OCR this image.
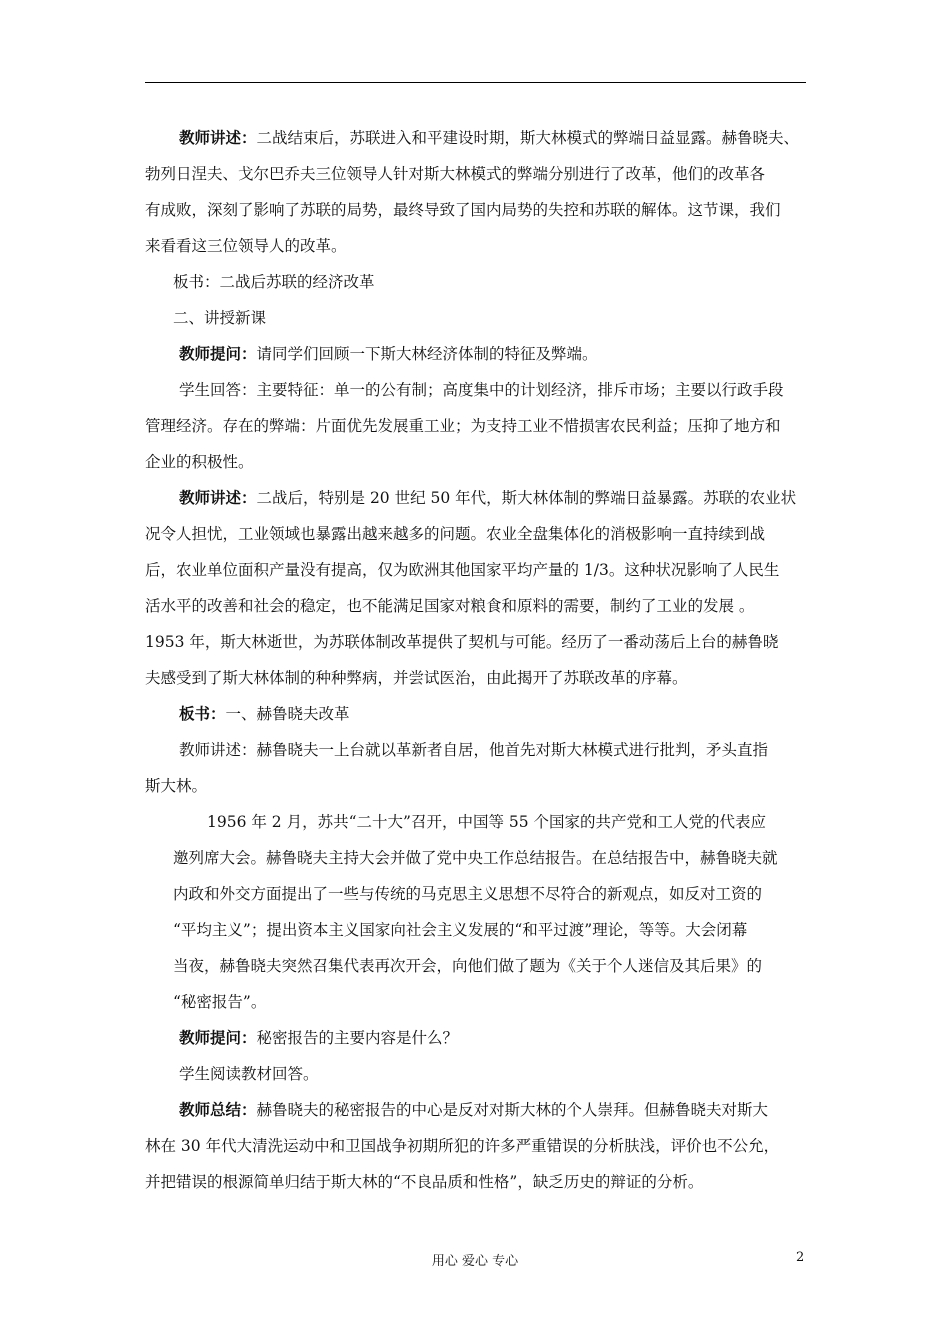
教师讲述：二战结束后，苏联进入和平建设时期，斯大林模式的弊端日益显露。赫鲁晓夫、
勃列日涅夫、戈尔巴乔夫三位领导人针对斯大林模式的弊端分别进行了改革，他们的改革各
有成败，深刻了影响了苏联的局势，最终导致了国内局势的失控和苏联的解体。这节课，我们
来看看这三位领导人的改革。
板书：二战后苏联的经济改革
二、讲授新课
教师提问：请同学们回顾一下斯大林经济体制的特征及弊端。
学生回答：主要特征：单一的公有制；高度集中的计划经济，排斥市场；主要以行政手段
管理经济。存在的弊端：片面优先发展重工业；为支持工业不惜损害农民利益；压抑了地方和
企业的积极性。
教师讲述：二战后，特别是 20 世纪 50 年代，斯大林体制的弊端日益暴露。苏联的农业状
况令人担忧，工业领域也暴露出越来越多的问题。农业全盘集体化的消极影响一直持续到战
后，农业单位面积产量没有提高，仅为欧洲其他国家平均产量的 1/3。这种状况影响了人民生
活水平的改善和社会的稳定，也不能满足国家对粮食和原料的需要，制约了工业的发展 。
1953 年，斯大林逝世，为苏联体制改革提供了契机与可能。经历了一番动荡后上台的赫鲁晓
夫感受到了斯大林体制的种种弊病，并尝试医治，由此揭开了苏联改革的序幕。
板书：一、赫鲁晓夫改革
教师讲述：赫鲁晓夫一上台就以革新者自居，他首先对斯大林模式进行批判，矛头直指
斯大林。
1956 年 2 月，苏共“二十大”召开，中国等 55 个国家的共产党和工人党的代表应
邀列席大会。赫鲁晓夫主持大会并做了党中央工作总结报告。在总结报告中，赫鲁晓夫就
内政和外交方面提出了一些与传统的马克思主义思想不尽符合的新观点，如反对工资的
“平均主义”；提出资本主义国家向社会主义发展的“和平过渡”理论，等等。大会闭幕
当夜，赫鲁晓夫突然召集代表再次开会，向他们做了题为《关于个人迷信及其后果》的
“秘密报告”。
教师提问：秘密报告的主要内容是什么？
学生阅读教材回答。
教师总结：赫鲁晓夫的秘密报告的中心是反对对斯大林的个人崇拜。但赫鲁晓夫对斯大
林在 30 年代大清洗运动中和卫国战争初期所犯的许多严重错误的分析肤浅，评价也不公允，
并把错误的根源简单归结于斯大林的“不良品质和性格”，缺乏历史的辩证的分析。
用心 爱心 专心	2
